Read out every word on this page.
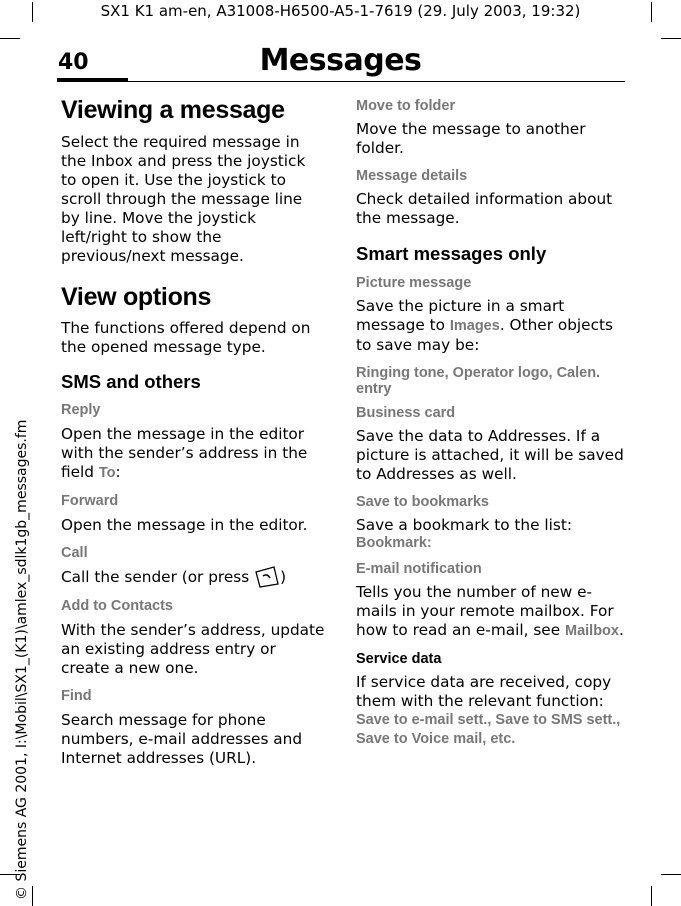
SX1 K1 am-en, A31008-H6500-A5-1-7619 (29. July 2003, 19:32)
40	Messages
© Siemens AG 2001, I:\Mobil\SX1_(K1)\amlex_sdlk1gb_messages.fm
Viewing a message

Select the required message in the Inbox and press the joystick to open it. Use the joystick to scroll through the message line by line. Move the joystick left/right to show the previous/next message.

View options

The functions offered depend on the opened message type.

SMS and others
Reply

Open the message in the editor with the sender’s address in the field To:

Forward

Open the message in the editor.

Call

Call the sender (or press )

Add to Contacts

With the sender’s address, update an existing address entry or create a new one.

Find

Search message for phone numbers, e-mail addresses and Internet addresses (URL).

Move to folder

Move the message to another folder.

Message details

Check detailed information about the message.

Smart messages only
Picture message

Save the picture in a smart message to Images. Other objects to save may be:

Ringing tone, Operator logo, Calen. entry
Business card

Save the data to Addresses. If a picture is attached, it will be saved to Addresses as well.

Save to bookmarks

Save a bookmark to the list:

Bookmark:
E-mail notification

Tells you the number of new e-mails in your remote mailbox. For how to read an e-mail, see Mailbox.

Service data

If service data are received, copy them with the relevant function:

Save to e-mail sett., Save to SMS sett., Save to Voice mail, etc.
